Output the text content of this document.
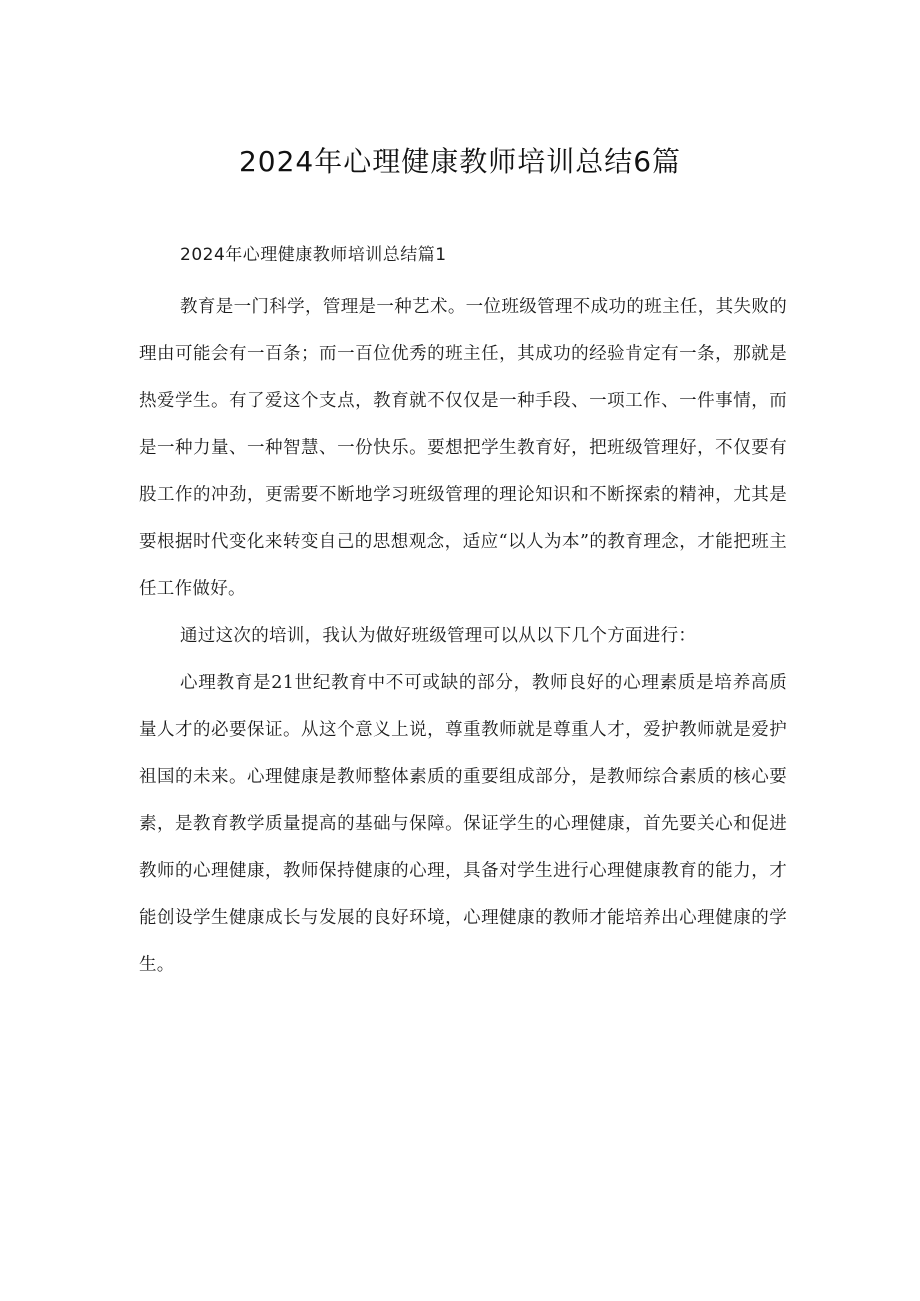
2024年心理健康教师培训总结6篇
2024年心理健康教师培训总结篇1

教育是一门科学，管理是一种艺术。一位班级管理不成功的班主任，其失败的理由可能会有一百条；而一百位优秀的班主任，其成功的经验肯定有一条，那就是热爱学生。有了爱这个支点，教育就不仅仅是一种手段、一项工作、一件事情，而是一种力量、一种智慧、一份快乐。要想把学生教育好，把班级管理好，不仅要有股工作的冲劲，更需要不断地学习班级管理的理论知识和不断探索的精神，尤其是要根据时代变化来转变自己的思想观念，适应“以人为本”的教育理念，才能把班主任工作做好。

通过这次的培训，我认为做好班级管理可以从以下几个方面进行：

心理教育是21世纪教育中不可或缺的部分，教师良好的心理素质是培养高质量人才的必要保证。从这个意义上说，尊重教师就是尊重人才，爱护教师就是爱护祖国的未来。心理健康是教师整体素质的重要组成部分，是教师综合素质的核心要素，是教育教学质量提高的基础与保障。保证学生的心理健康，首先要关心和促进教师的心理健康，教师保持健康的心理，具备对学生进行心理健康教育的能力，才能创设学生健康成长与发展的良好环境，心理健康的教师才能培养出心理健康的学生。
